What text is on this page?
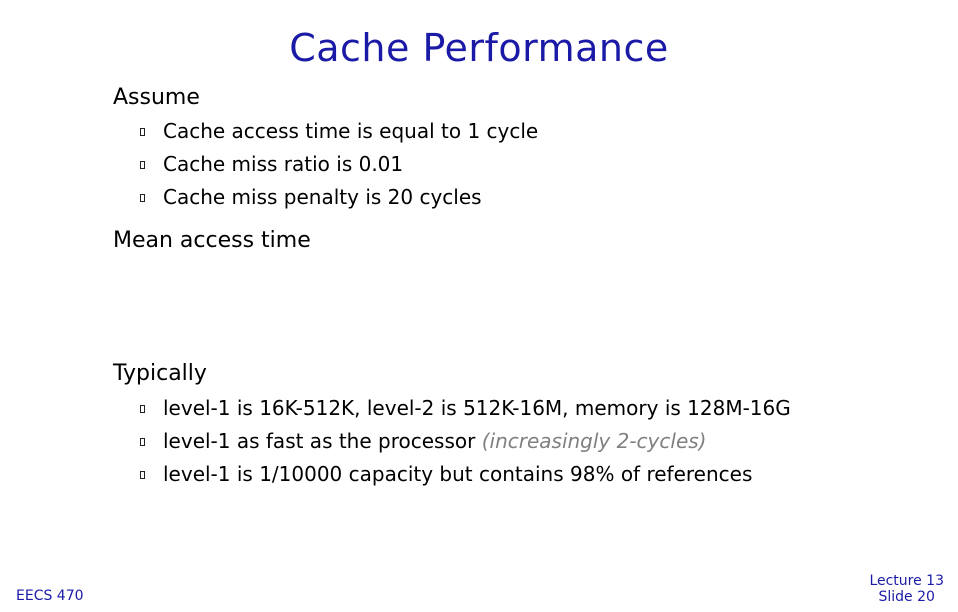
Cache Performance
Assume
Cache access time is equal to 1 cycle
Cache miss ratio is 0.01
Cache miss penalty is 20 cycles
Mean access time
Typically
level-1 is 16K-512K, level-2 is 512K-16M, memory is 128M-16G
level-1 as fast as the processor (increasingly 2-cycles)
level-1 is 1/10000 capacity but contains 98% of references
EECS 470
Lecture 13
Slide 20
